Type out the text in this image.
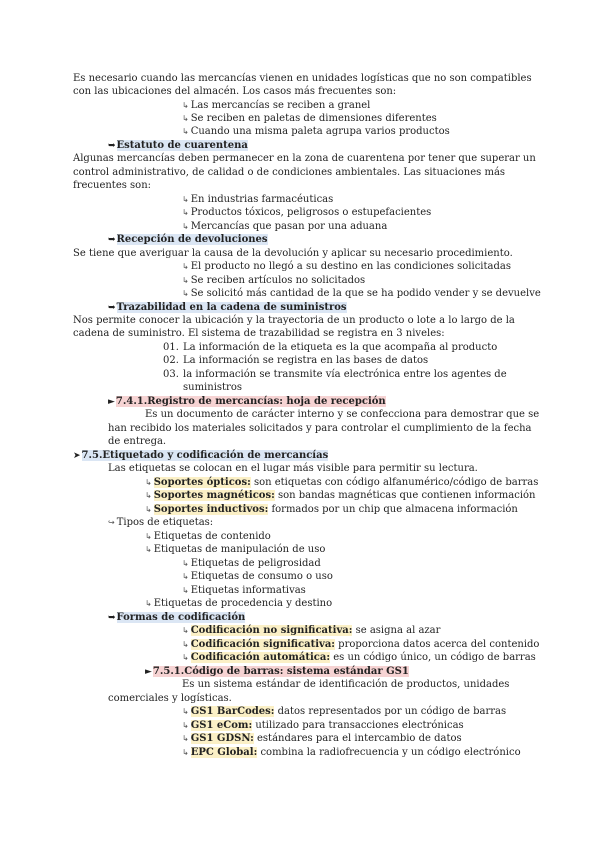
Es necesario cuando las mercancías vienen en unidades logísticas que no son compatibles
con las ubicaciones del almacén. Los casos más frecuentes son:
↳ Las mercancías se reciben a granel
↳ Se reciben en paletas de dimensiones diferentes
↳ Cuando una misma paleta agrupa varios productos
➥Estatuto de cuarentena
Algunas mercancías deben permanecer en la zona de cuarentena por tener que superar un
control administrativo, de calidad o de condiciones ambientales. Las situaciones más
frecuentes son:
↳ En industrias farmacéuticas
↳ Productos tóxicos, peligrosos o estupefacientes
↳ Mercancías que pasan por una aduana
➥Recepción de devoluciones
Se tiene que averiguar la causa de la devolución y aplicar su necesario procedimiento.
↳ El producto no llegó a su destino en las condiciones solicitadas
↳ Se reciben artículos no solicitados
↳ Se solicitó más cantidad de la que se ha podido vender y se devuelve
➥Trazabilidad en la cadena de suministros
Nos permite conocer la ubicación y la trayectoria de un producto o lote a lo largo de la
cadena de suministro. El sistema de trazabilidad se registra en 3 niveles:
01. La información de la etiqueta es la que acompaña al producto
02. La información se registra en las bases de datos
03. la información se transmite vía electrónica entre los agentes de
suministros
►7.4.1.Registro de mercancías: hoja de recepción
Es un documento de carácter interno y se confecciona para demostrar que se
han recibido los materiales solicitados y para controlar el cumplimiento de la fecha
de entrega.
➤7.5.Etiquetado y codificación de mercancías
Las etiquetas se colocan en el lugar más visible para permitir su lectura.
↳ Soportes ópticos: son etiquetas con código alfanumérico/código de barras
↳ Soportes magnéticos: son bandas magnéticas que contienen información
↳ Soportes inductivos: formados por un chip que almacena información
↪ Tipos de etiquetas:
↳ Etiquetas de contenido
↳ Etiquetas de manipulación de uso
↳ Etiquetas de peligrosidad
↳ Etiquetas de consumo o uso
↳ Etiquetas informativas
↳ Etiquetas de procedencia y destino
➥Formas de codificación
↳ Codificación no significativa: se asigna al azar
↳ Codificación significativa: proporciona datos acerca del contenido
↳ Codificación automática: es un código único, un código de barras
►7.5.1.Código de barras: sistema estándar GS1
Es un sistema estándar de identificación de productos, unidades
comerciales y logísticas.
↳ GS1 BarCodes: datos representados por un código de barras
↳ GS1 eCom: utilizado para transacciones electrónicas
↳ GS1 GDSN: estándares para el intercambio de datos
↳ EPC Global: combina la radiofrecuencia y un código electrónico
